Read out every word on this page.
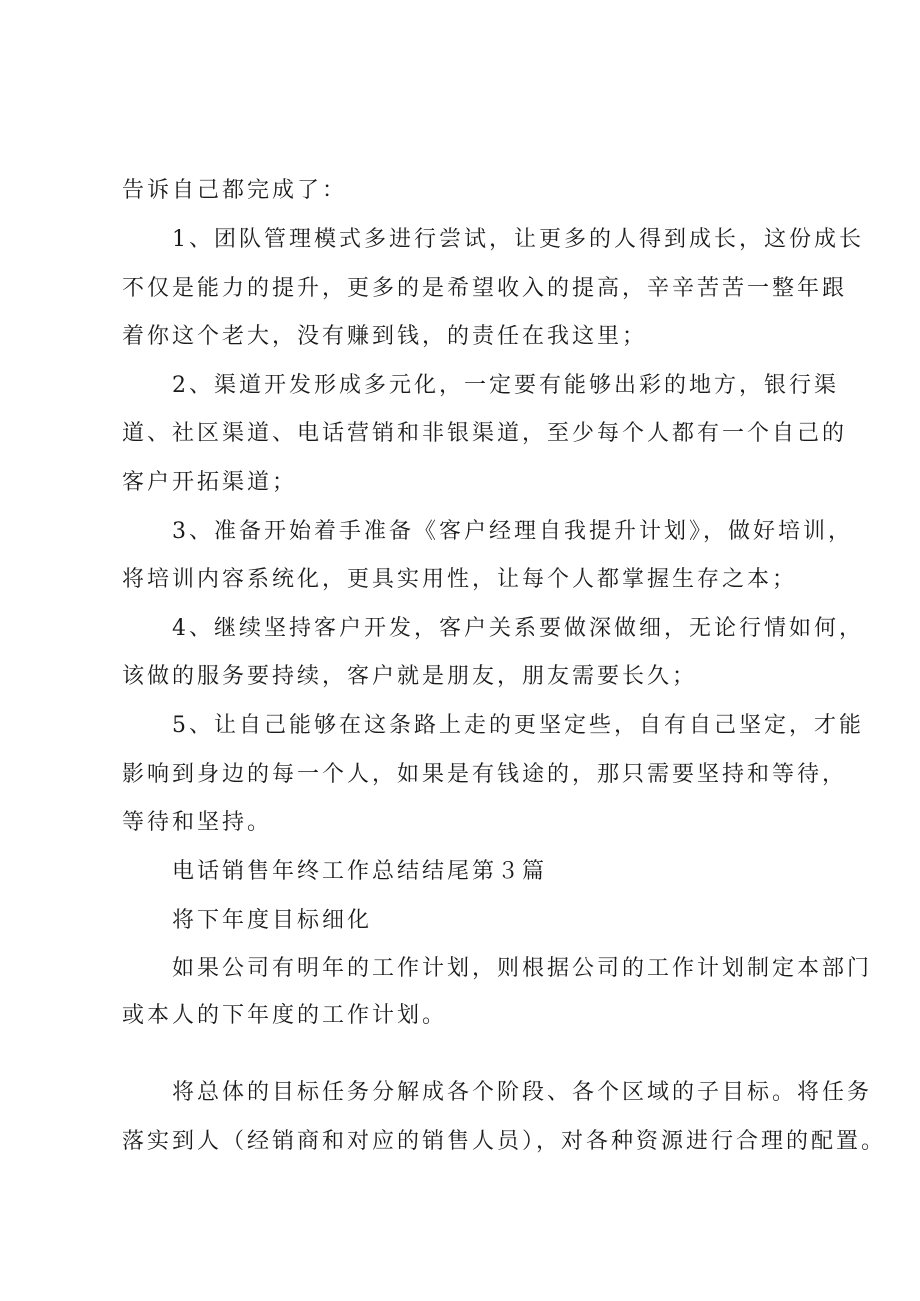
告诉自己都完成了：
1、团队管理模式多进行尝试，让更多的人得到成长，这份成长
不仅是能力的提升，更多的是希望收入的提高，辛辛苦苦一整年跟
着你这个老大，没有赚到钱，的责任在我这里；
2、渠道开发形成多元化，一定要有能够出彩的地方，银行渠
道、社区渠道、电话营销和非银渠道，至少每个人都有一个自己的
客户开拓渠道；
3、准备开始着手准备《客户经理自我提升计划》，做好培训，
将培训内容系统化，更具实用性，让每个人都掌握生存之本；
4、继续坚持客户开发，客户关系要做深做细，无论行情如何，
该做的服务要持续，客户就是朋友，朋友需要长久；
5、让自己能够在这条路上走的更坚定些，自有自己坚定，才能
影响到身边的每一个人，如果是有钱途的，那只需要坚持和等待，
等待和坚持。
电话销售年终工作总结结尾第３篇
将下年度目标细化
如果公司有明年的工作计划，则根据公司的工作计划制定本部门
或本人的下年度的工作计划。
将总体的目标任务分解成各个阶段、各个区域的子目标。将任务
落实到人（经销商和对应的销售人员），对各种资源进行合理的配置。
